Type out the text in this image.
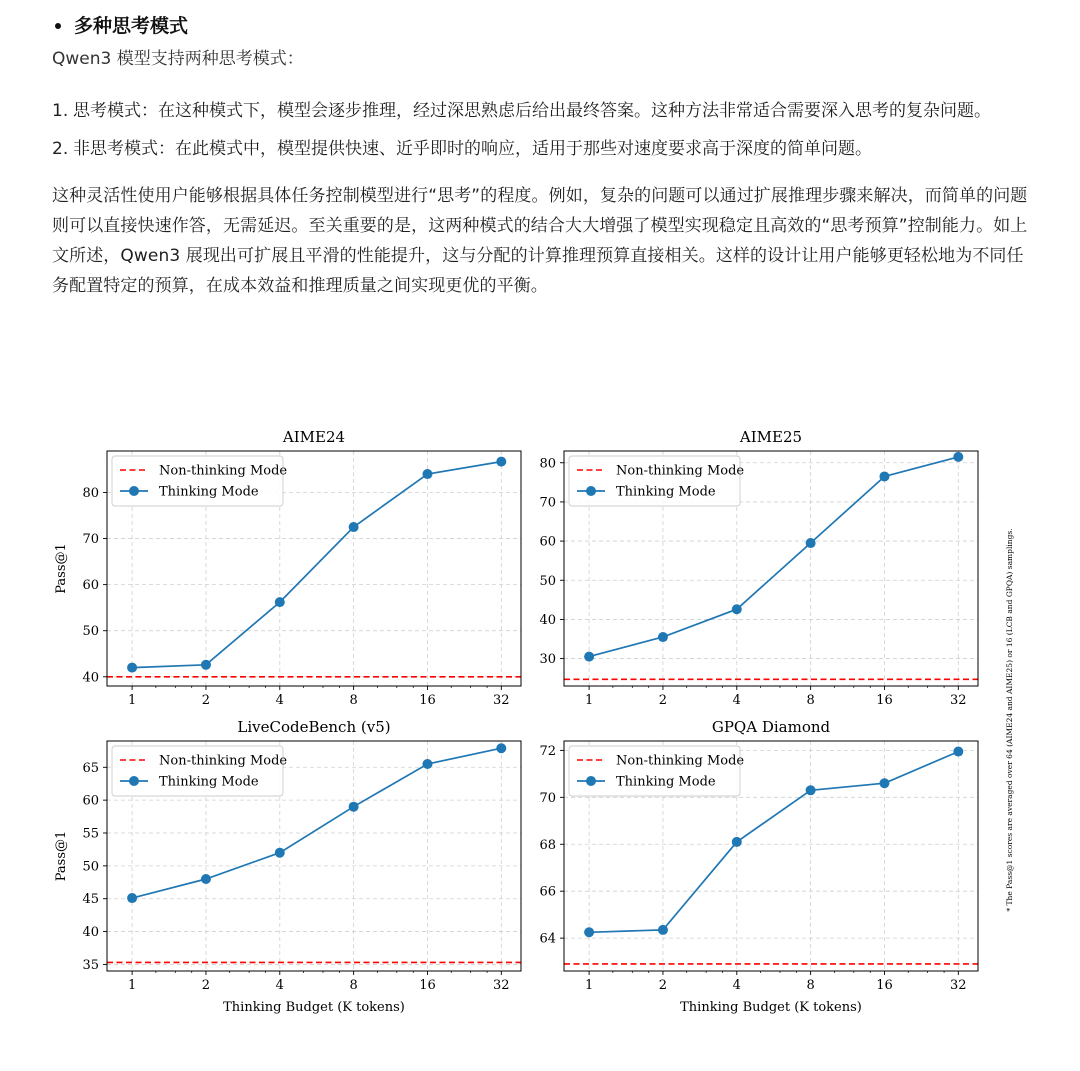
多种思考模式

Qwen3 模型支持两种思考模式：

1. 思考模式：在这种模式下，模型会逐步推理，经过深思熟虑后给出最终答案。这种方法非常适合需要深入思考的复杂问题。
2. 非思考模式：在此模式中，模型提供快速、近乎即时的响应，适用于那些对速度要求高于深度的简单问题。

这种灵活性使用户能够根据具体任务控制模型进行“思考”的程度。例如，复杂的问题可以通过扩展推理步骤来解决，而简单的问题则可以直接快速作答，无需延迟。至关重要的是，这两种模式的结合大大增强了模型实现稳定且高效的“思考预算”控制能力。如上文所述，Qwen3 展现出可扩展且平滑的性能提升，这与分配的计算推理预算直接相关。这样的设计让用户能够更轻松地为不同任务配置特定的预算，在成本效益和推理质量之间实现更优的平衡。

1	2	4	8	16	32
40
50
60
70
80
AIME24
Pass@1
Non-thinking Mode
Thinking Mode
1	2	4	8	16	32
30
40
50
60
70
80
AIME25
Non-thinking Mode
Thinking Mode
1	2	4	8	16	32
35
40
45
50
55
60
65
LiveCodeBench (v5)
Pass@1
Thinking Budget (K tokens)
Non-thinking Mode
Thinking Mode
1	2	4	8	16	32
64
66
68
70
72
GPQA Diamond
Thinking Budget (K tokens)
Non-thinking Mode
Thinking Mode	* The Pass@1 scores are averaged over 64 (AIME24 and AIME25) or 16 (LCB and GPQA) samplings.
